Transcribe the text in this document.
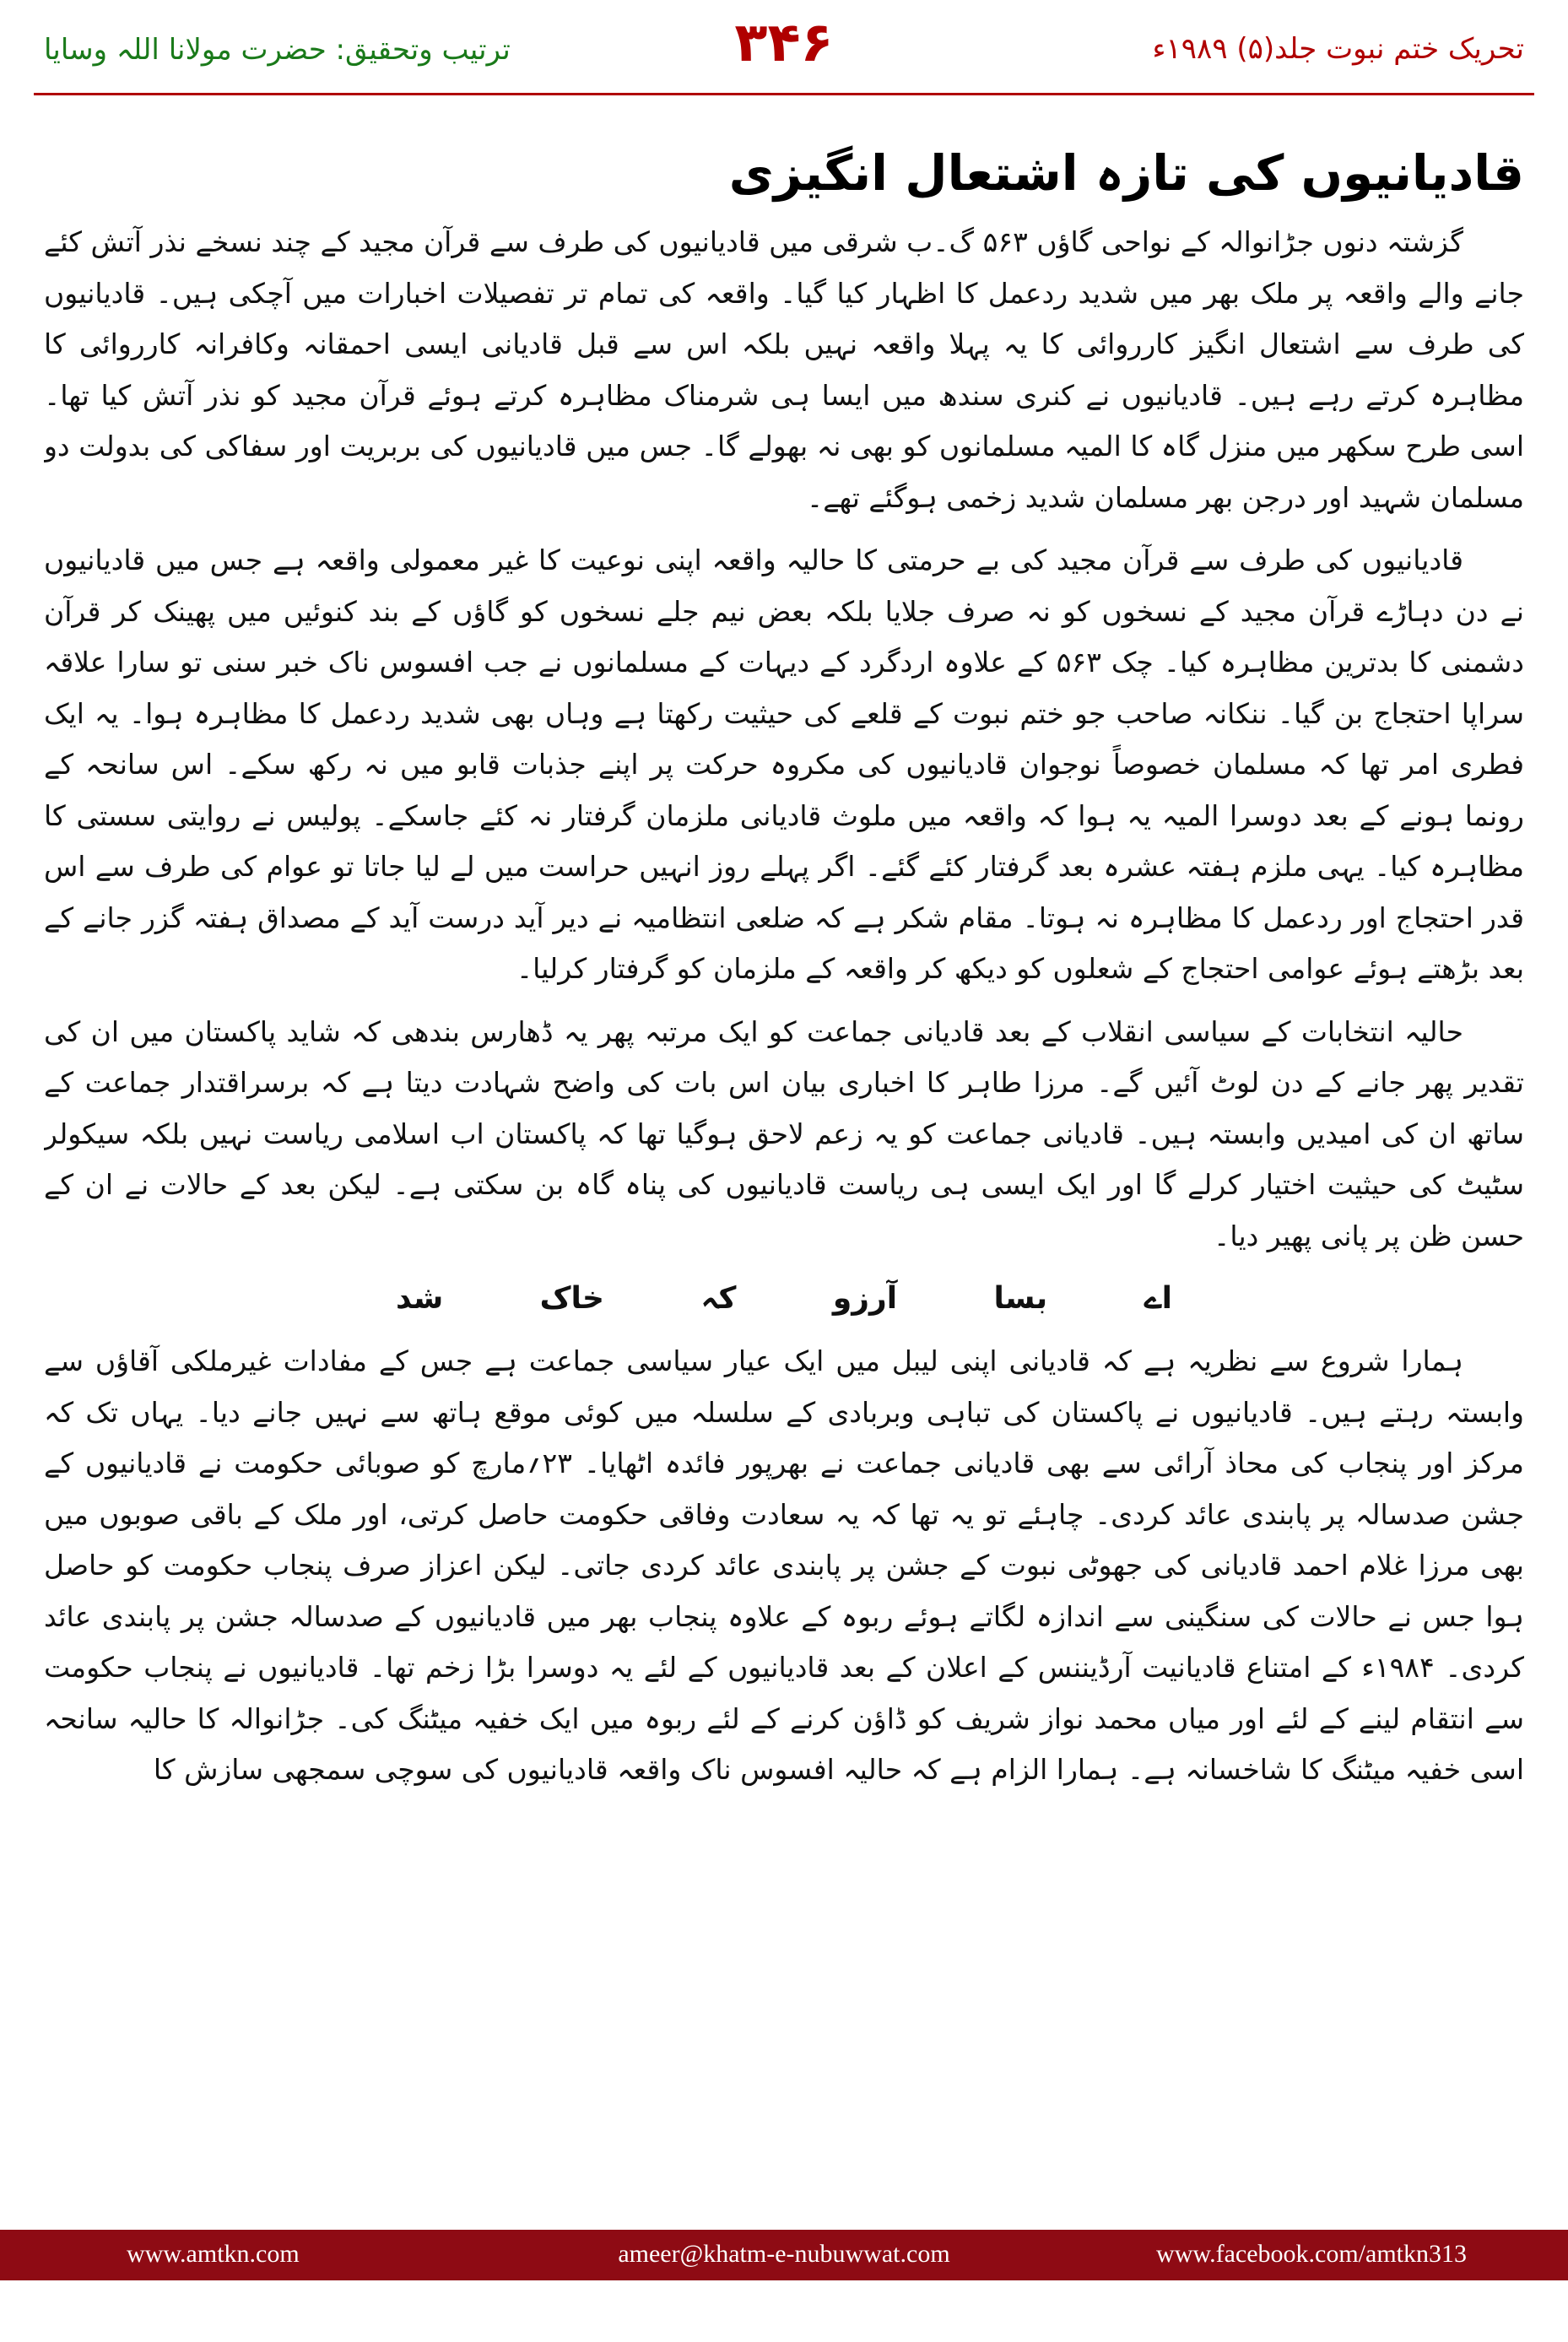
ترتیب وتحقیق: حضرت مولانا اللہ وسایا	۳۴۶	تحریک ختم نبوت جلد(۵) ۱۹۸۹ء
قادیانیوں کی تازہ اشتعال انگیزی

گزشتہ دنوں جڑانوالہ کے نواحی گاؤں ۵۶۳ گ۔ب شرقی میں قادیانیوں کی طرف سے قرآن مجید کے چند نسخے نذر آتش کئے جانے والے واقعہ پر ملک بھر میں شدید ردعمل کا اظہار کیا گیا۔ واقعہ کی تمام تر تفصیلات اخبارات میں آچکی ہیں۔ قادیانیوں کی طرف سے اشتعال انگیز کارروائی کا یہ پہلا واقعہ نہیں بلکہ اس سے قبل قادیانی ایسی احمقانہ وکافرانہ کارروائی کا مظاہرہ کرتے رہے ہیں۔ قادیانیوں نے کنری سندھ میں ایسا ہی شرمناک مظاہرہ کرتے ہوئے قرآن مجید کو نذر آتش کیا تھا۔ اسی طرح سکھر میں منزل گاہ کا المیہ مسلمانوں کو بھی نہ بھولے گا۔ جس میں قادیانیوں کی بربریت اور سفاکی کی بدولت دو مسلمان شہید اور درجن بھر مسلمان شدید زخمی ہوگئے تھے۔

قادیانیوں کی طرف سے قرآن مجید کی بے حرمتی کا حالیہ واقعہ اپنی نوعیت کا غیر معمولی واقعہ ہے جس میں قادیانیوں نے دن دہاڑے قرآن مجید کے نسخوں کو نہ صرف جلایا بلکہ بعض نیم جلے نسخوں کو گاؤں کے بند کنوئیں میں پھینک کر قرآن دشمنی کا بدترین مظاہرہ کیا۔ چک ۵۶۳ کے علاوہ اردگرد کے دیہات کے مسلمانوں نے جب افسوس ناک خبر سنی تو سارا علاقہ سراپا احتجاج بن گیا۔ ننکانہ صاحب جو ختم نبوت کے قلعے کی حیثیت رکھتا ہے وہاں بھی شدید ردعمل کا مظاہرہ ہوا۔ یہ ایک فطری امر تھا کہ مسلمان خصوصاً نوجوان قادیانیوں کی مکروہ حرکت پر اپنے جذبات قابو میں نہ رکھ سکے۔ اس سانحہ کے رونما ہونے کے بعد دوسرا المیہ یہ ہوا کہ واقعہ میں ملوث قادیانی ملزمان گرفتار نہ کئے جاسکے۔ پولیس نے روایتی سستی کا مظاہرہ کیا۔ یہی ملزم ہفتہ عشرہ بعد گرفتار کئے گئے۔ اگر پہلے روز انہیں حراست میں لے لیا جاتا تو عوام کی طرف سے اس قدر احتجاج اور ردعمل کا مظاہرہ نہ ہوتا۔ مقام شکر ہے کہ ضلعی انتظامیہ نے دیر آید درست آید کے مصداق ہفتہ گزر جانے کے بعد بڑھتے ہوئے عوامی احتجاج کے شعلوں کو دیکھ کر واقعہ کے ملزمان کو گرفتار کرلیا۔

حالیہ انتخابات کے سیاسی انقلاب کے بعد قادیانی جماعت کو ایک مرتبہ پھر یہ ڈھارس بندھی کہ شاید پاکستان میں ان کی تقدیر پھر جانے کے دن لوٹ آئیں گے۔ مرزا طاہر کا اخباری بیان اس بات کی واضح شہادت دیتا ہے کہ برسراقتدار جماعت کے ساتھ ان کی امیدیں وابستہ ہیں۔ قادیانی جماعت کو یہ زعم لاحق ہوگیا تھا کہ پاکستان اب اسلامی ریاست نہیں بلکہ سیکولر سٹیٹ کی حیثیت اختیار کرلے گا اور ایک ایسی ہی ریاست قادیانیوں کی پناہ گاہ بن سکتی ہے۔ لیکن بعد کے حالات نے ان کے حسن ظن پر پانی پھیر دیا۔

اے
بسا
آرزو
کہ
خاک
شد

ہمارا شروع سے نظریہ ہے کہ قادیانی اپنی لیبل میں ایک عیار سیاسی جماعت ہے جس کے مفادات غیرملکی آقاؤں سے وابستہ رہتے ہیں۔ قادیانیوں نے پاکستان کی تباہی وبربادی کے سلسلہ میں کوئی موقع ہاتھ سے نہیں جانے دیا۔ یہاں تک کہ مرکز اور پنجاب کی محاذ آرائی سے بھی قادیانی جماعت نے بھرپور فائدہ اٹھایا۔ ۲۳؍مارچ کو صوبائی حکومت نے قادیانیوں کے جشن صدسالہ پر پابندی عائد کردی۔ چاہئے تو یہ تھا کہ یہ سعادت وفاقی حکومت حاصل کرتی، اور ملک کے باقی صوبوں میں بھی مرزا غلام احمد قادیانی کی جھوٹی نبوت کے جشن پر پابندی عائد کردی جاتی۔ لیکن اعزاز صرف پنجاب حکومت کو حاصل ہوا جس نے حالات کی سنگینی سے اندازہ لگاتے ہوئے ربوہ کے علاوہ پنجاب بھر میں قادیانیوں کے صدسالہ جشن پر پابندی عائد کردی۔ ۱۹۸۴ء کے امتناع قادیانیت آرڈیننس کے اعلان کے بعد قادیانیوں کے لئے یہ دوسرا بڑا زخم تھا۔ قادیانیوں نے پنجاب حکومت سے انتقام لینے کے لئے اور میاں محمد نواز شریف کو ڈاؤن کرنے کے لئے ربوہ میں ایک خفیہ میٹنگ کی۔ جڑانوالہ کا حالیہ سانحہ اسی خفیہ میٹنگ کا شاخسانہ ہے۔ ہمارا الزام ہے کہ حالیہ افسوس ناک واقعہ قادیانیوں کی سوچی سمجھی سازش کا

www.amtkn.com	ameer@khatm-e-nubuwwat.com	www.facebook.com/amtkn313
